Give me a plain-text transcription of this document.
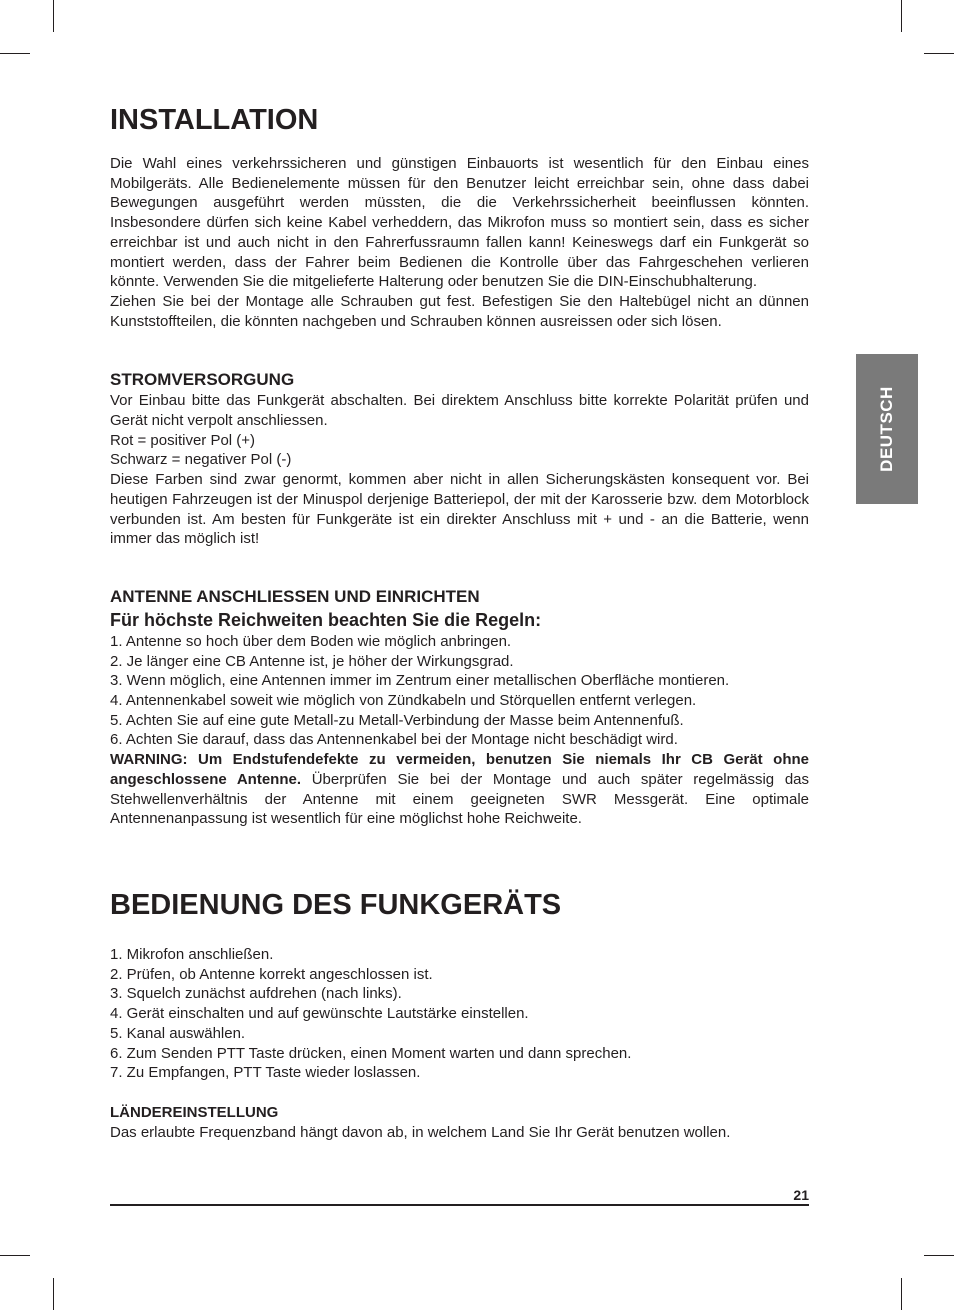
DEUTSCH
INSTALLATION

Die Wahl eines verkehrssicheren und günstigen Einbauorts ist wesentlich für den Einbau eines Mobilgeräts. Alle Bedienelemente müssen für den Benutzer leicht erreichbar sein, ohne dass dabei Bewegungen ausgeführt werden müssten, die die Verkehrssicherheit beeinflussen könnten. Insbesondere dürfen sich keine Kabel verheddern, das Mikrofon muss so montiert sein, dass es sicher erreichbar ist und auch nicht in den Fahrerfussraumn fallen kann! Keineswegs darf ein Funkgerät so montiert werden, dass der Fahrer beim Bedienen die Kontrolle über das Fahrgeschehen verlieren könnte. Verwenden Sie die mitgelieferte Halterung oder benutzen Sie die DIN-Einschubhalterung.

Ziehen Sie bei der Montage alle Schrauben gut fest. Befestigen Sie den Haltebügel nicht an dünnen Kunststoffteilen, die könnten nachgeben und Schrauben können ausreissen oder sich lösen.

STROMVERSORGUNG

Vor Einbau bitte das Funkgerät abschalten. Bei direktem Anschluss bitte korrekte Polarität prüfen und Gerät nicht verpolt anschliessen.

Rot = positiver Pol (+)

Schwarz = negativer Pol (-)

Diese Farben sind zwar genormt, kommen aber nicht in allen Sicherungskästen konsequent vor. Bei heutigen Fahrzeugen ist der Minuspol derjenige Batteriepol, der mit der Karosserie bzw. dem Motorblock verbunden ist. Am besten für Funkgeräte ist ein direkter Anschluss mit + und - an die Batterie, wenn immer das möglich ist!

ANTENNE ANSCHLIESSEN UND EINRICHTEN
Für höchste Reichweiten beachten Sie die Regeln:
1. Antenne so hoch über dem Boden wie möglich anbringen.
2. Je länger eine CB Antenne ist, je höher der Wirkungsgrad.
3. Wenn möglich, eine Antennen immer im Zentrum einer metallischen Oberfläche montieren.
4. Antennenkabel soweit wie möglich von Zündkabeln und Störquellen entfernt verlegen.
5. Achten Sie auf eine gute Metall-zu Metall-Verbindung der Masse beim Antennenfuß.
6. Achten Sie darauf, dass das Antennenkabel bei der Montage nicht beschädigt wird.

WARNING: Um Endstufendefekte zu vermeiden, benutzen Sie niemals Ihr CB Gerät ohne angeschlossene Antenne. Überprüfen Sie bei der Montage und auch später regelmässig das Stehwellenverhältnis der Antenne mit einem geeigneten SWR Messgerät. Eine optimale Antennenanpassung ist wesentlich für eine möglichst hohe Reichweite.

BEDIENUNG DES FUNKGERÄTS
1. Mikrofon anschließen.
2. Prüfen, ob Antenne korrekt angeschlossen ist.
3. Squelch zunächst aufdrehen (nach links).
4. Gerät einschalten und auf gewünschte Lautstärke einstellen.
5. Kanal auswählen.
6. Zum Senden PTT Taste drücken, einen Moment warten und dann sprechen.
7. Zu Empfangen, PTT Taste wieder loslassen.
LÄNDEREINSTELLUNG

Das erlaubte Frequenzband hängt davon ab, in welchem Land Sie Ihr Gerät benutzen wollen.

21
